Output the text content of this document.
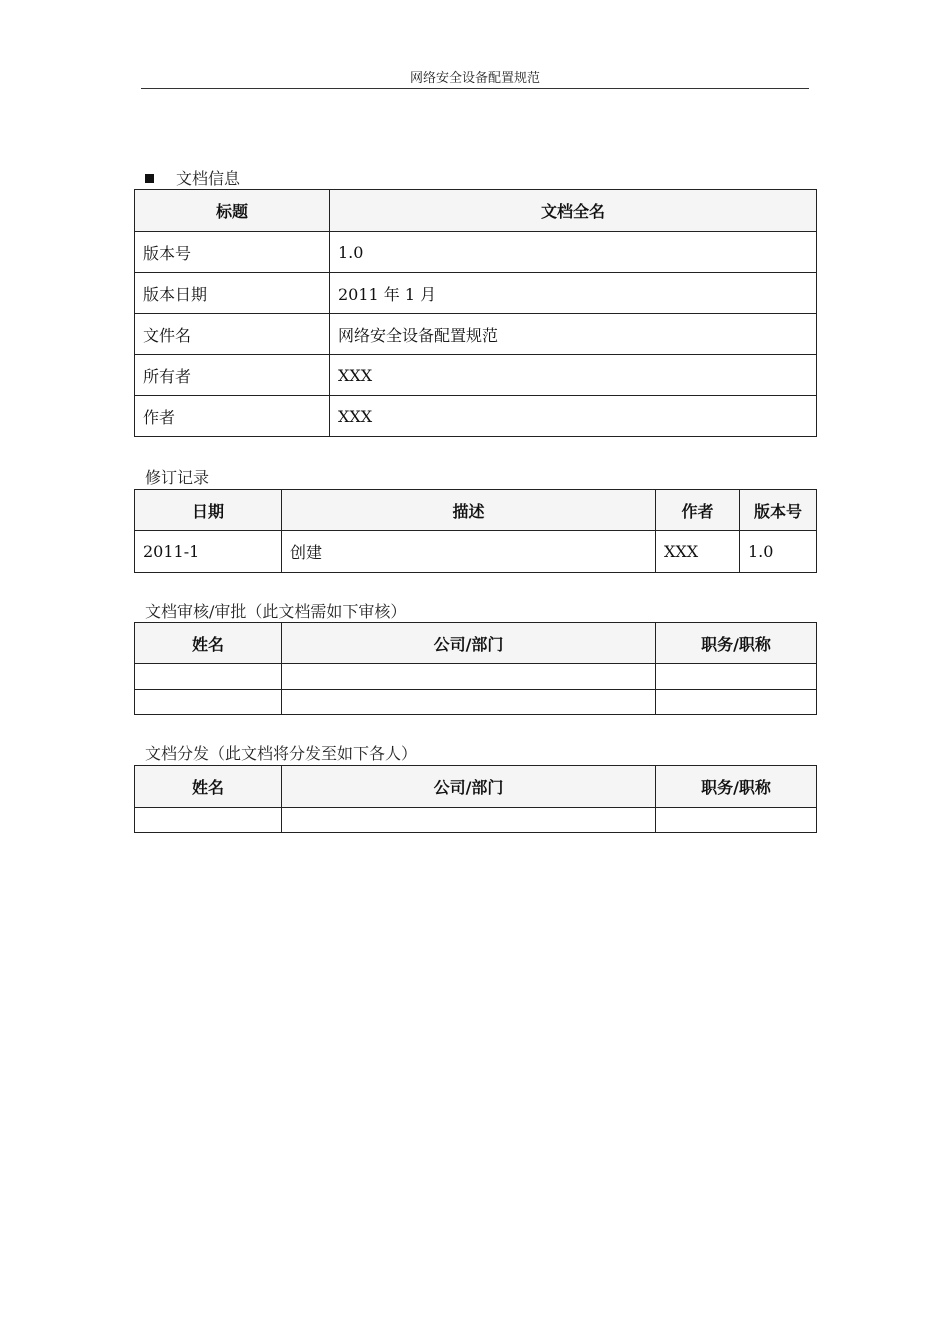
网络安全设备配置规范
文档信息
标题	文档全名
版本号	1.0
版本日期	2011 年 1 月
文件名	网络安全设备配置规范
所有者	XXX
作者	XXX
修订记录
日期	描述	作者	版本号
2011-1	创建	XXX	1.0
文档审核/审批（此文档需如下审核）
姓名	公司/部门	职务/职称

文档分发（此文档将分发至如下各人）
姓名	公司/部门	职务/职称
